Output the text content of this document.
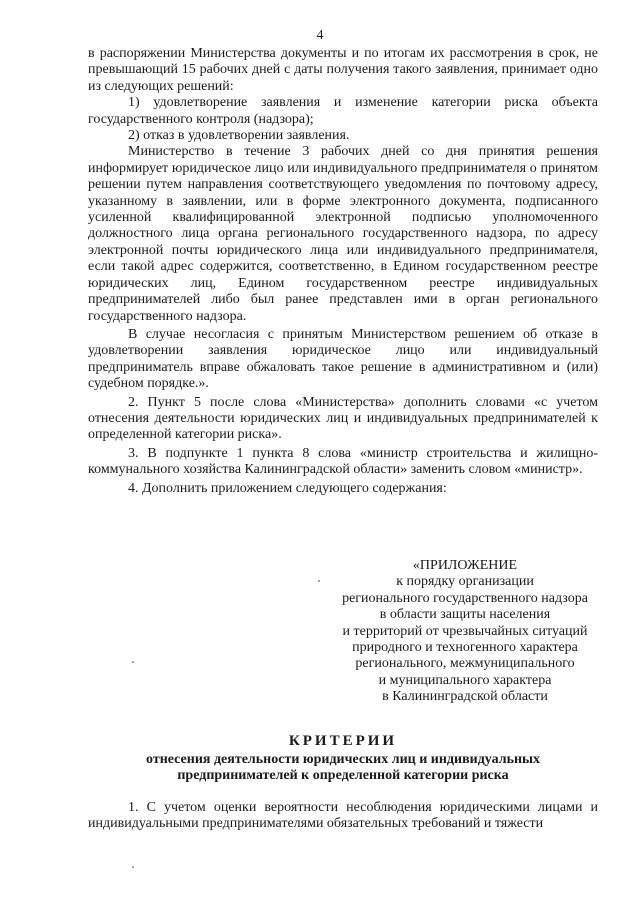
4

в распоряжении Министерства документы и по итогам их рассмотрения в срок, не превышающий 15 рабочих дней с даты получения такого заявления, принимает одно из следующих решений:

1) удовлетворение заявления и изменение категории риска объекта государственного контроля (надзора);

2) отказ в удовлетворении заявления.

Министерство в течение 3 рабочих дней со дня принятия решения информирует юридическое лицо или индивидуального предпринимателя о принятом решении путем направления соответствующего уведомления по почтовому адресу, указанному в заявлении, или в форме электронного документа, подписанного усиленной квалифицированной электронной подписью уполномоченного должностного лица органа регионального государственного надзора, по адресу электронной почты юридического лица или индивидуального предпринимателя, если такой адрес содержится, соответственно, в Едином государственном реестре юридических лиц, Едином государственном реестре индивидуальных предпринимателей либо был ранее представлен ими в орган регионального государственного надзора.

В случае несогласия с принятым Министерством решением об отказе в удовлетворении заявления юридическое лицо или индивидуальный предприниматель вправе обжаловать такое решение в административном и (или) судебном порядке.».

2. Пункт 5 после слова «Министерства» дополнить словами «с учетом отнесения деятельности юридических лиц и индивидуальных предпринимателей к определенной категории риска».

3. В подпункте 1 пункта 8 слова «министр строительства и жилищно-коммунального хозяйства Калининградской области» заменить словом «министр».

4. Дополнить приложением следующего содержания:

«ПРИЛОЖЕНИЕ
к порядку организации
регионального государственного надзора
в области защиты населения
и территорий от чрезвычайных ситуаций
природного и техногенного характера
регионального, межмуниципального
и муниципального характера
в Калининградской области
КРИТЕРИИ
отнесения деятельности юридических лиц и индивидуальных
предпринимателей к определенной категории риска

1. С учетом оценки вероятности несоблюдения юридическими лицами и индивидуальными предпринимателями обязательных требований и тяжести
